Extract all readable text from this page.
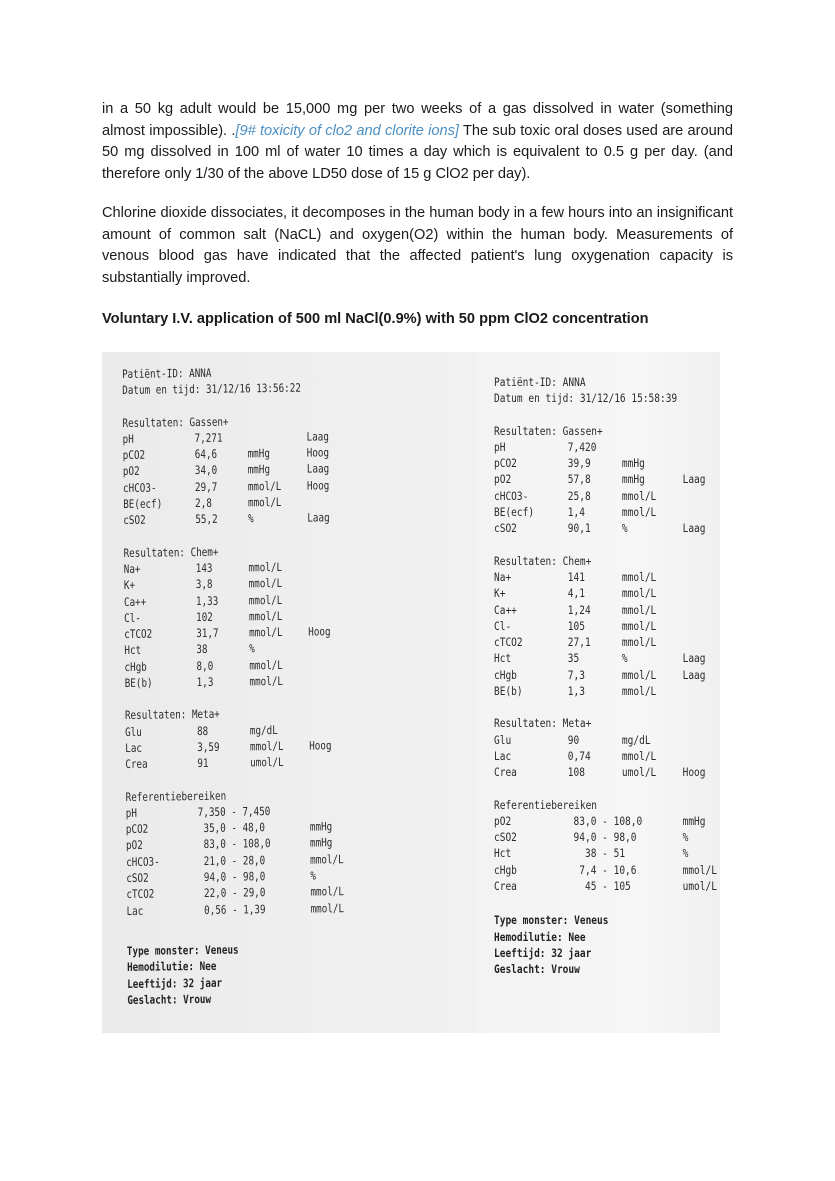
in a 50 kg adult would be 15,000 mg per two weeks of a gas dissolved in water (something almost impossible). .[9# toxicity of clo2 and clorite ions] The sub toxic oral doses used are around 50 mg dissolved in 100 ml of water 10 times a day which is equivalent to 0.5 g per day. (and therefore only 1/30 of the above LD50 dose of 15 g ClO2 per day).

Chlorine dioxide dissociates, it decomposes in the human body in a few hours into an insignificant amount of common salt (NaCL) and oxygen(O2) within the human body. Measurements of venous blood gas have indicated that the affected patient's lung oxygenation capacity is substantially improved.

Voluntary I.V. application of 500 ml NaCl(0.9%) with 50 ppm ClO2 concentration

Patiënt-ID: ANNA
Datum en tijd: 31/12/16 13:56:22
Resultaten: Gassen+
pH	7,271	Laag
pCO2	64,6	mmHg	Hoog
pO2	34,0	mmHg	Laag
cHCO3-	29,7	mmol/L Hoog
BE(ecf)	2,8	mmol/L
cSO2	55,2	%	Laag
Resultaten: Chem+
Na+	143	mmol/L
K+	3,8	mmol/L
Ca++	1,33	mmol/L
Cl-	102	mmol/L
cTCO2	31,7	mmol/L Hoog
Hct	38	%
cHgb	8,0	mmol/L
BE(b)	1,3	mmol/L
Resultaten: Meta+
Glu	88	mg/dL
Lac	3,59	mmol/L Hoog
Crea	91	umol/L
Referentiebereiken
pH	7,350 - 7,450
pCO2	35,0 - 48,0	mmHg
pO2	83,0 - 108,0	mmHg
cHCO3-	21,0 - 28,0	mmol/L
cSO2	94,0 - 98,0	%
cTCO2	22,0 - 29,0	mmol/L
Lac	0,56 - 1,39	mmol/L
Type monster: Veneus
Hemodilutie: Nee
Leeftijd: 32 jaar
Geslacht: Vrouw
Patiënt-ID: ANNA
Datum en tijd: 31/12/16 15:58:39
Resultaten: Gassen+
pH	7,420
pCO2	39,9	mmHg
pO2	57,8	mmHg	Laag
cHCO3-	25,8	mmol/L
BE(ecf)	1,4	mmol/L
cSO2	90,1	%	Laag
Resultaten: Chem+
Na+	141	mmol/L
K+	4,1	mmol/L
Ca++	1,24	mmol/L
Cl-	105	mmol/L
cTCO2	27,1	mmol/L
Hct	35	%	Laag
cHgb	7,3	mmol/L Laag
BE(b)	1,3	mmol/L
Resultaten: Meta+
Glu	90	mg/dL
Lac	0,74	mmol/L
Crea	108	umol/L Hoog
Referentiebereiken
pO2	83,0 - 108,0	mmHg
cSO2	94,0 - 98,0	%
Hct	38 - 51	%
cHgb	7,4 - 10,6	mmol/L
Crea	45 - 105	umol/L
Type monster: Veneus
Hemodilutie: Nee
Leeftijd: 32 jaar
Geslacht: Vrouw
